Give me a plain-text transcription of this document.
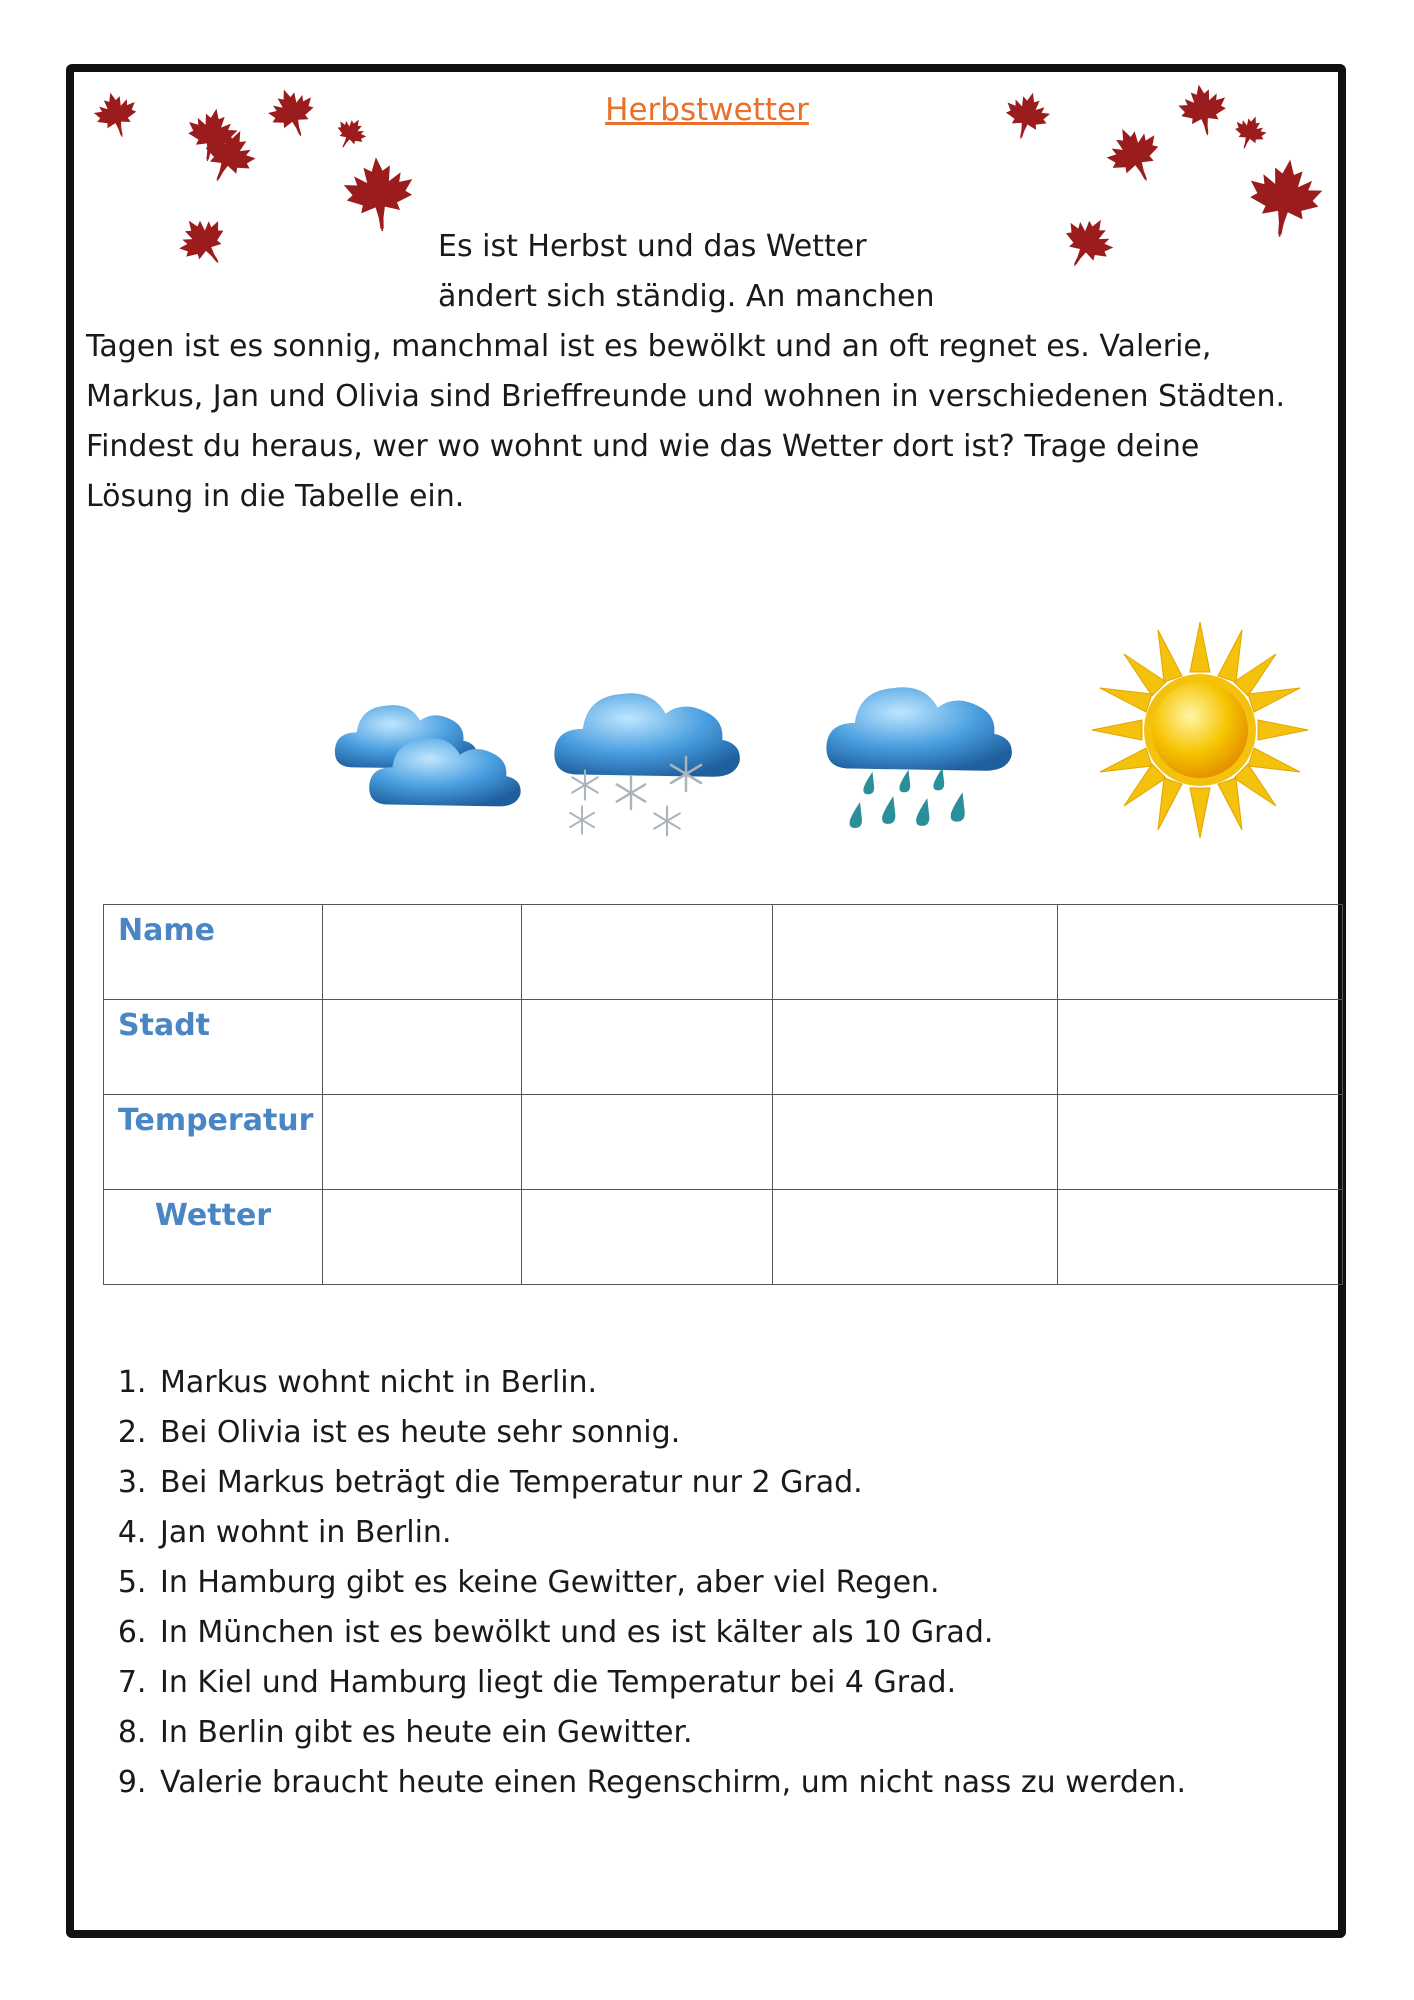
Herbstwetter
Es ist Herbst und das Wetter
ändert sich ständig. An manchen
Tagen ist es sonnig, manchmal ist es bewölkt und an oft regnet es. Valerie,
Markus, Jan und Olivia sind Brieffreunde und wohnen in verschiedenen Städten.
Findest du heraus, wer wo wohnt und wie das Wetter dort ist? Trage deine
Lösung in die Tabelle ein.
Name				

Stadt				

Temperatur				

Wetter				

1. Markus wohnt nicht in Berlin.
2. Bei Olivia ist es heute sehr sonnig.
3. Bei Markus beträgt die Temperatur nur 2 Grad.
4. Jan wohnt in Berlin.
5. In Hamburg gibt es keine Gewitter, aber viel Regen.
6. In München ist es bewölkt und es ist kälter als 10 Grad.
7. In Kiel und Hamburg liegt die Temperatur bei 4 Grad.
8. In Berlin gibt es heute ein Gewitter.
9. Valerie braucht heute einen Regenschirm, um nicht nass zu werden.
